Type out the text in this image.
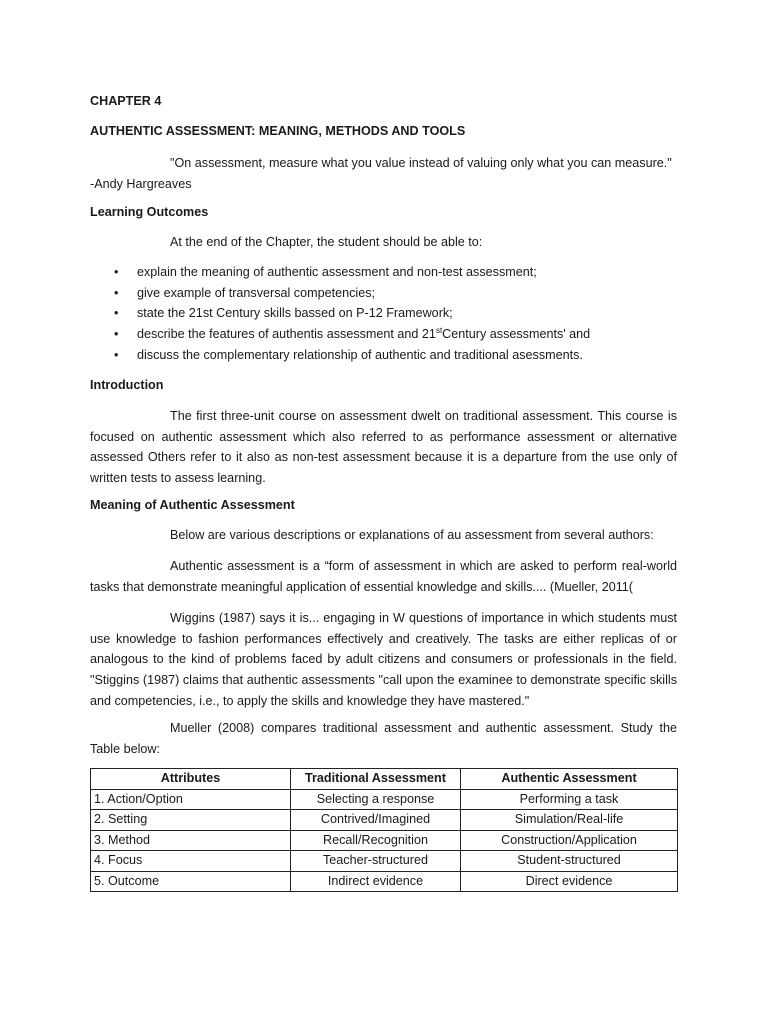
CHAPTER 4

AUTHENTIC ASSESSMENT: MEANING, METHODS AND TOOLS

"On assessment, measure what you value instead of valuing only what you can measure."
-Andy Hargreaves

Learning Outcomes

At the end of the Chapter, the student should be able to:

• explain the meaning of authentic assessment and non-test assessment;
• give example of transversal competencies;
• state the 21st Century skills bassed on P-12 Framework;
• describe the features of authentis assessment and 21stCentury assessments' and
• discuss the complementary relationship of authentic and traditional asessments.

Introduction

The first three-unit course on assessment dwelt on traditional assessment. This course is focused on authentic assessment which also referred to as performance assessment or alternative assessed Others refer to it also as non-test assessment because it is a departure from the use only of written tests to assess learning.

Meaning of Authentic Assessment

Below are various descriptions or explanations of au assessment from several authors:

Authentic assessment is a “form of assessment in which are asked to perform real-world tasks that demonstrate meaningful application of essential knowledge and skills.... (Mueller, 2011(

Wiggins (1987) says it is... engaging in W questions of importance in which students must use knowledge to fashion performances effectively and creatively. The tasks are either replicas of or analogous to the kind of problems faced by adult citizens and consumers or professionals in the field. "Stiggins (1987) claims that authentic assessments "call upon the examinee to demonstrate specific skills and competencies, i.e., to apply the skills and knowledge they have mastered."

Mueller (2008) compares traditional assessment and authentic assessment. Study the Table below:

Attributes	Traditional Assessment	Authentic Assessment
1. Action/Option	Selecting a response	Performing a task
2. Setting	Contrived/Imagined	Simulation/Real-life
3. Method	Recall/Recognition	Construction/Application
4. Focus	Teacher-structured	Student-structured
5. Outcome	Indirect evidence	Direct evidence
